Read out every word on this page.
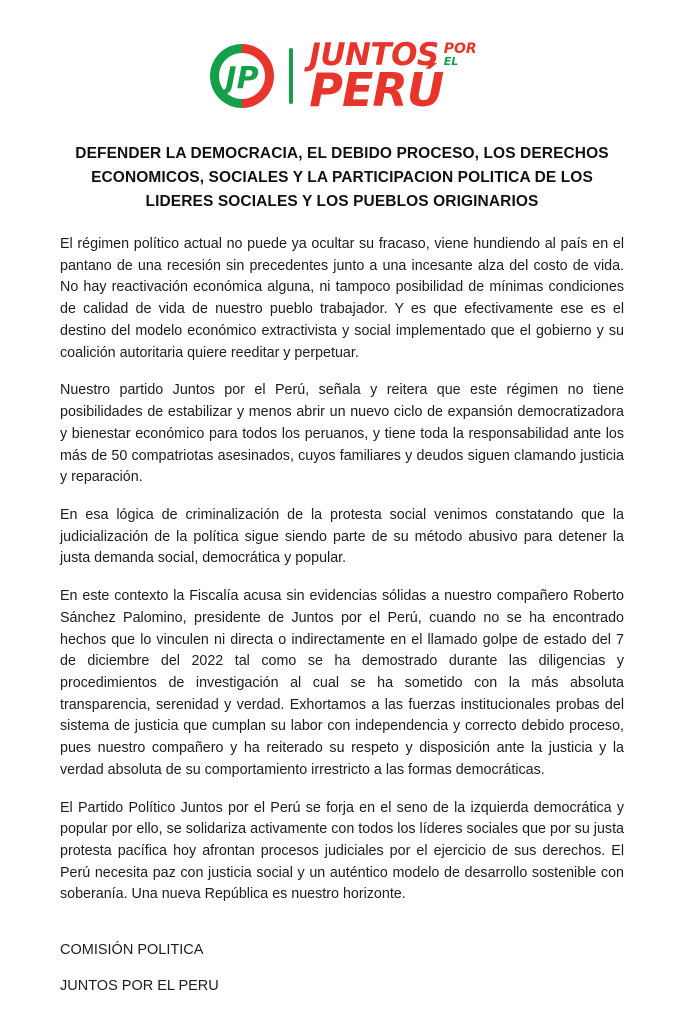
JP
JUNTOS POR
EL
PERÚ
DEFENDER LA DEMOCRACIA, EL DEBIDO PROCESO, LOS DERECHOS ECONOMICOS, SOCIALES Y LA PARTICIPACION POLITICA DE LOS LIDERES SOCIALES Y LOS PUEBLOS ORIGINARIOS

El régimen político actual no puede ya ocultar su fracaso, viene hundiendo al país en el pantano de una recesión sin precedentes junto a una incesante alza del costo de vida. No hay reactivación económica alguna, ni tampoco posibilidad de mínimas condiciones de calidad de vida de nuestro pueblo trabajador. Y es que efectivamente ese es el destino del modelo económico extractivista y social implementado que el gobierno y su coalición autoritaria quiere reeditar y perpetuar.

Nuestro partido Juntos por el Perú, señala y reitera que este régimen no tiene posibilidades de estabilizar y menos abrir un nuevo ciclo de expansión democratizadora y bienestar económico para todos los peruanos, y tiene toda la responsabilidad ante los más de 50 compatriotas asesinados, cuyos familiares y deudos siguen clamando justicia y reparación.

En esa lógica de criminalización de la protesta social venimos constatando que la judicialización de la política sigue siendo parte de su método abusivo para detener la justa demanda social, democrática y popular.

En este contexto la Fiscalía acusa sin evidencias sólidas a nuestro compañero Roberto Sánchez Palomino, presidente de Juntos por el Perú, cuando no se ha encontrado hechos que lo vinculen ni directa o indirectamente en el llamado golpe de estado del 7 de diciembre del 2022 tal como se ha demostrado durante las diligencias y procedimientos de investigación al cual se ha sometido con la más absoluta transparencia, serenidad y verdad. Exhortamos a las fuerzas institucionales probas del sistema de justicia que cumplan su labor con independencia y correcto debido proceso, pues nuestro compañero y ha reiterado su respeto y disposición ante la justicia y la verdad absoluta de su comportamiento irrestricto a las formas democráticas.

El Partido Político Juntos por el Perú se forja en el seno de la izquierda democrática y popular por ello, se solidariza activamente con todos los líderes sociales que por su justa protesta pacífica hoy afrontan procesos judiciales por el ejercicio de sus derechos. El Perú necesita paz con justicia social y un auténtico modelo de desarrollo sostenible con soberanía. Una nueva República es nuestro horizonte.

COMISIÓN POLITICA

JUNTOS POR EL PERU
